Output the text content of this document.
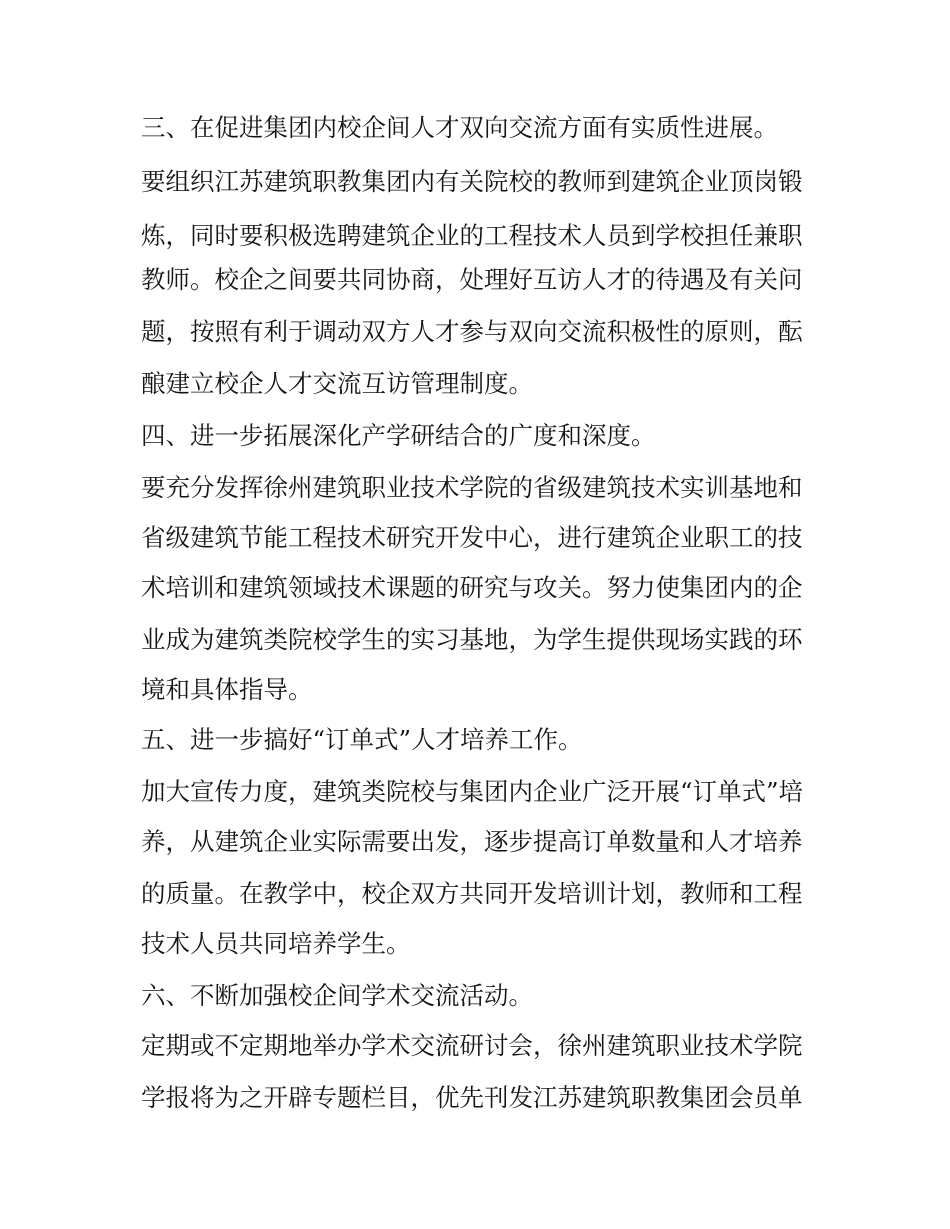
三、在促进集团内校企间人才双向交流方面有实质性进展。
要组织江苏建筑职教集团内有关院校的教师到建筑企业顶岗锻
炼，同时要积极选聘建筑企业的工程技术人员到学校担任兼职
教师。校企之间要共同协商，处理好互访人才的待遇及有关问
题，按照有利于调动双方人才参与双向交流积极性的原则，酝
酿建立校企人才交流互访管理制度。
四、进一步拓展深化产学研结合的广度和深度。
要充分发挥徐州建筑职业技术学院的省级建筑技术实训基地和
省级建筑节能工程技术研究开发中心，进行建筑企业职工的技
术培训和建筑领域技术课题的研究与攻关。努力使集团内的企
业成为建筑类院校学生的实习基地，为学生提供现场实践的环
境和具体指导。
五、进一步搞好“订单式”人才培养工作。
加大宣传力度，建筑类院校与集团内企业广泛开展“订单式”培
养，从建筑企业实际需要出发，逐步提高订单数量和人才培养
的质量。在教学中，校企双方共同开发培训计划，教师和工程
技术人员共同培养学生。
六、不断加强校企间学术交流活动。
定期或不定期地举办学术交流研讨会，徐州建筑职业技术学院
学报将为之开辟专题栏目，优先刊发江苏建筑职教集团会员单
